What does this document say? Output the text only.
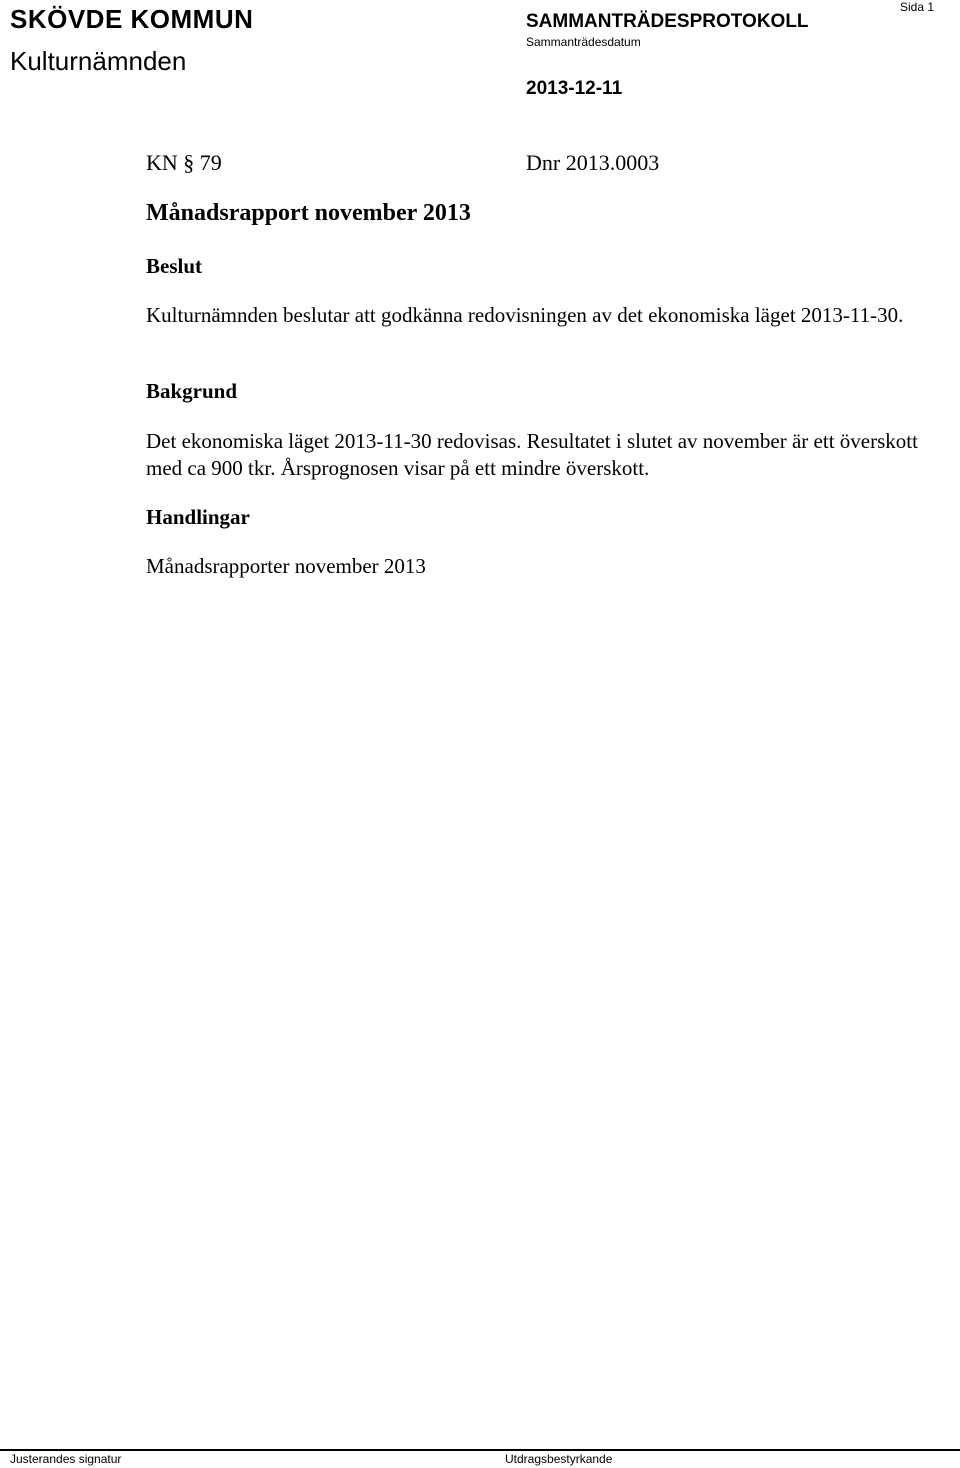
SKÖVDE KOMMUN
Kulturnämnden
SAMMANTRÄDESPROTOKOLL
Sammanträdesdatum
2013-12-11
Sida 1
KN § 79	Dnr 2013.0003
Månadsrapport november 2013
Beslut
Kulturnämnden beslutar att godkänna redovisningen av det ekonomiska läget 2013-11-30.
Bakgrund
Det ekonomiska läget 2013-11-30 redovisas. Resultatet i slutet av november är ett överskott med ca 900 tkr. Årsprognosen visar på ett mindre överskott.
Handlingar
Månadsrapporter november 2013
Justerandes signatur	Utdragsbestyrkande
